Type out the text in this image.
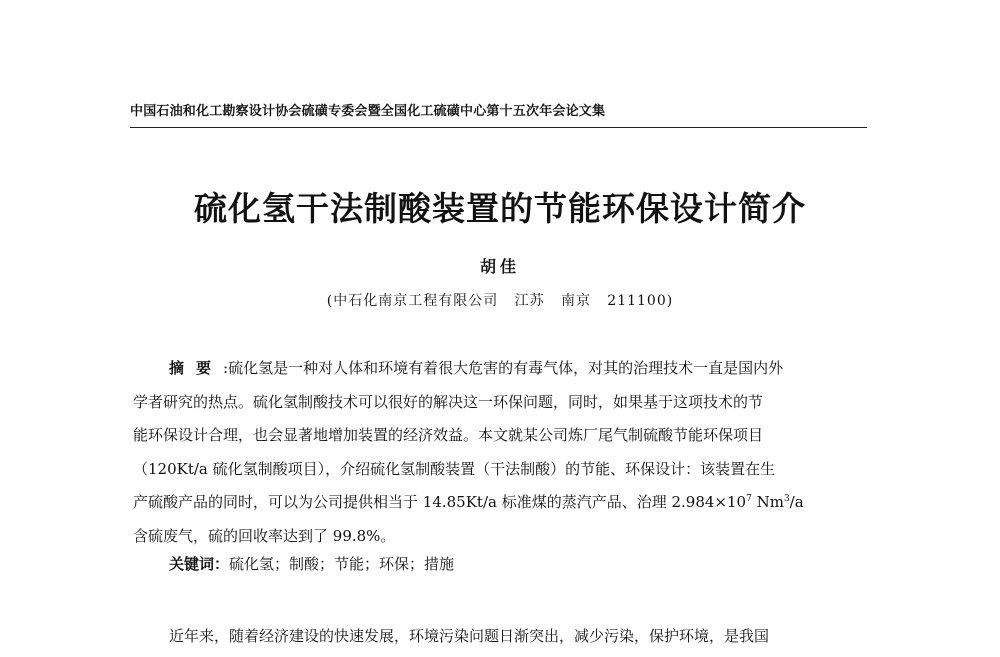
中国石油和化工勘察设计协会硫磺专委会暨全国化工硫磺中心第十五次年会论文集
硫化氢干法制酸装置的节能环保设计简介
胡佳
(中石化南京工程有限公司   江苏   南京   211100)
摘要:硫化氢是一种对人体和环境有着很大危害的有毒气体，对其的治理技术一直是国内外
学者研究的热点。硫化氢制酸技术可以很好的解决这一环保问题，同时，如果基于这项技术的节
能环保设计合理，也会显著地增加装置的经济效益。本文就某公司炼厂尾气制硫酸节能环保项目
（120Kt/a 硫化氢制酸项目），介绍硫化氢制酸装置（干法制酸）的节能、环保设计：该装置在生
产硫酸产品的同时，可以为公司提供相当于 14.85Kt/a 标准煤的蒸汽产品、治理 $2.984\times 10^7$ Nm$^3$/a
含硫废气，硫的回收率达到了 99.8%。
关键词：硫化氢；制酸；节能；环保；措施
近年来，随着经济建设的快速发展，环境污染问题日渐突出，减少污染，保护环境，是我国
